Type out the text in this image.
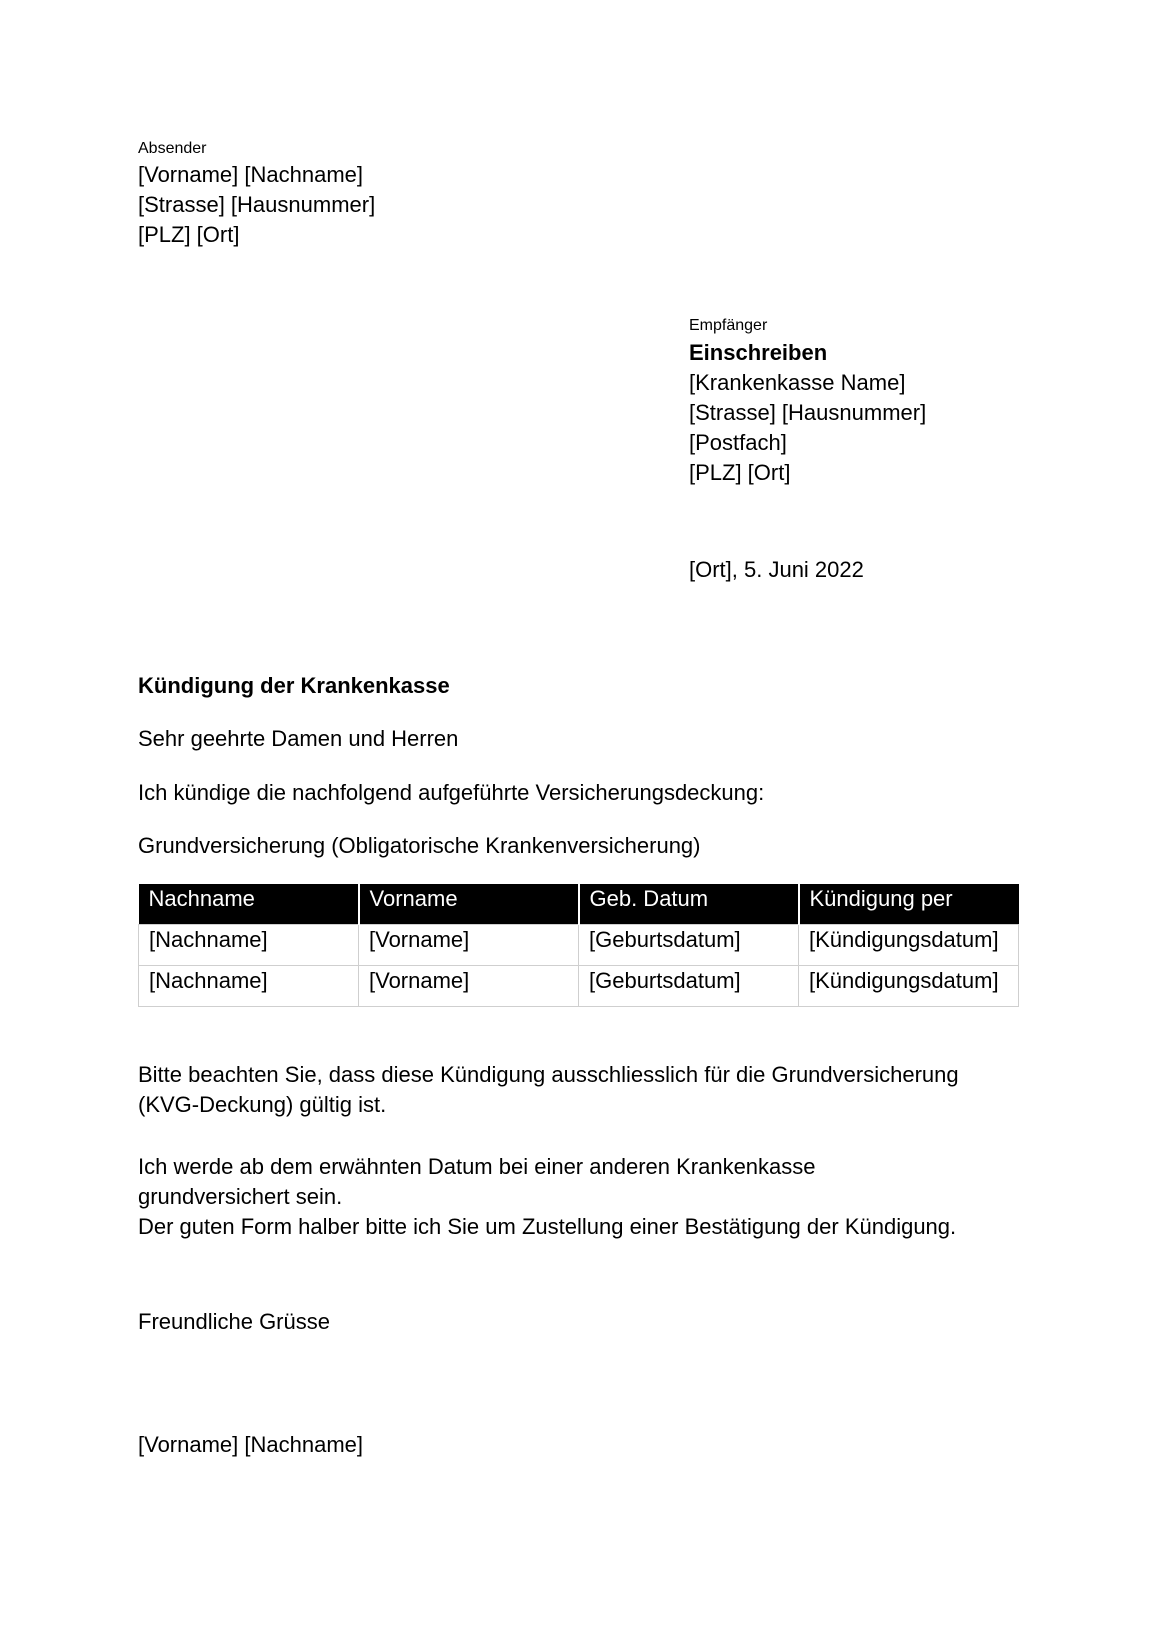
Absender
[Vorname] [Nachname]
[Strasse] [Hausnummer]
[PLZ] [Ort]
Empfänger
Einschreiben
[Krankenkasse Name]
[Strasse] [Hausnummer]
[Postfach]
[PLZ] [Ort]
[Ort], 5. Juni 2022
Kündigung der Krankenkasse
Sehr geehrte Damen und Herren
Ich kündige die nachfolgend aufgeführte Versicherungsdeckung:
Grundversicherung (Obligatorische Krankenversicherung)
Nachname	Vorname	Geb. Datum	Kündigung per
[Nachname]	[Vorname]	[Geburtsdatum]	[Kündigungsdatum]
[Nachname]	[Vorname]	[Geburtsdatum]	[Kündigungsdatum]
Bitte beachten Sie, dass diese Kündigung ausschliesslich für die Grundversicherung
(KVG-Deckung) gültig ist.
Ich werde ab dem erwähnten Datum bei einer anderen Krankenkasse
grundversichert sein.
Der guten Form halber bitte ich Sie um Zustellung einer Bestätigung der Kündigung.
Freundliche Grüsse
[Vorname] [Nachname]
